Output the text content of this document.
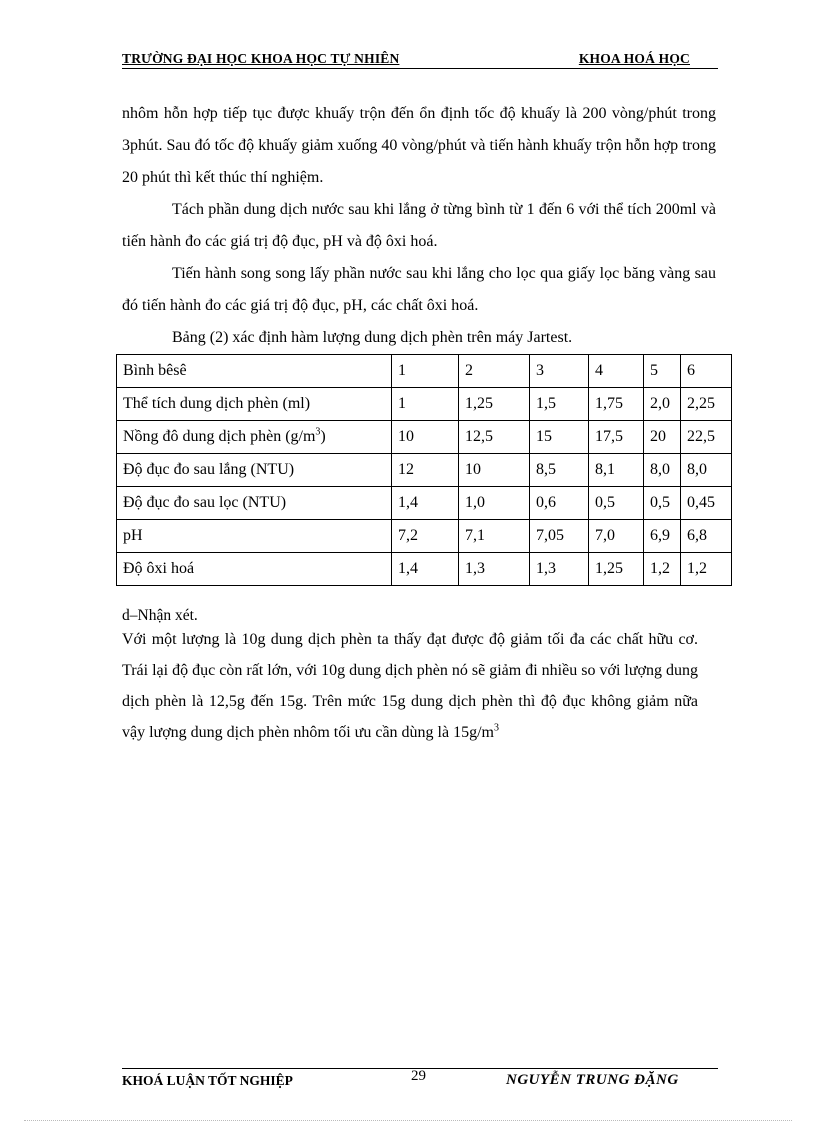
TRƯỜNG ĐẠI HỌC KHOA HỌC TỰ NHIÊN	KHOA HOÁ HỌC

nhôm hỗn hợp tiếp tục được khuấy trộn đến ổn định tốc độ khuấy là 200 vòng/phút trong 3phút. Sau đó tốc độ khuấy giảm xuống 40 vòng/phút và tiến hành khuấy trộn hỗn hợp trong 20 phút thì kết thúc thí nghiệm.

Tách phần dung dịch nước sau khi lắng ở từng bình từ 1 đến 6 với thể tích 200ml và tiến hành đo các giá trị độ đục, pH và độ ôxi hoá.

Tiến hành song song lấy phần nước sau khi lắng cho lọc qua giấy lọc băng vàng sau đó tiến hành đo các giá trị độ đục, pH, các chất ôxi hoá.

Bảng (2) xác định hàm lượng dung dịch phèn trên máy Jartest.

Bình bêsê	1	2	3	4	5	6
Thể tích dung dịch phèn (ml)	1	1,25	1,5	1,75	2,0	2,25
Nồng đô dung dịch phèn $(g/m^3)$	10	12,5	15	17,5	20	22,5
Độ đục đo sau lắng (NTU)	12	10	8,5	8,1	8,0	8,0
Độ đục đo sau lọc (NTU)	1,4	1,0	0,6	0,5	0,5	0,45
pH	7,2	7,1	7,05	7,0	6,9	6,8
Độ ôxi hoá	1,4	1,3	1,3	1,25	1,2	1,2
d–Nhận xét.
Với một lượng là 10g dung dịch phèn ta thấy đạt được độ giảm tối đa các chất hữu cơ. Trái lại độ đục còn rất lớn, với 10g dung dịch phèn nó sẽ giảm đi nhiều so với lượng dung dịch phèn là 12,5g đến 15g. Trên mức 15g dung dịch phèn thì độ đục không giảm nữa vậy lượng dung dịch phèn nhôm tối ưu cần dùng là $15g/m^3$
KHOÁ LUẬN TỐT NGHIỆP	29	NGUYỄN TRUNG ĐẶNG
